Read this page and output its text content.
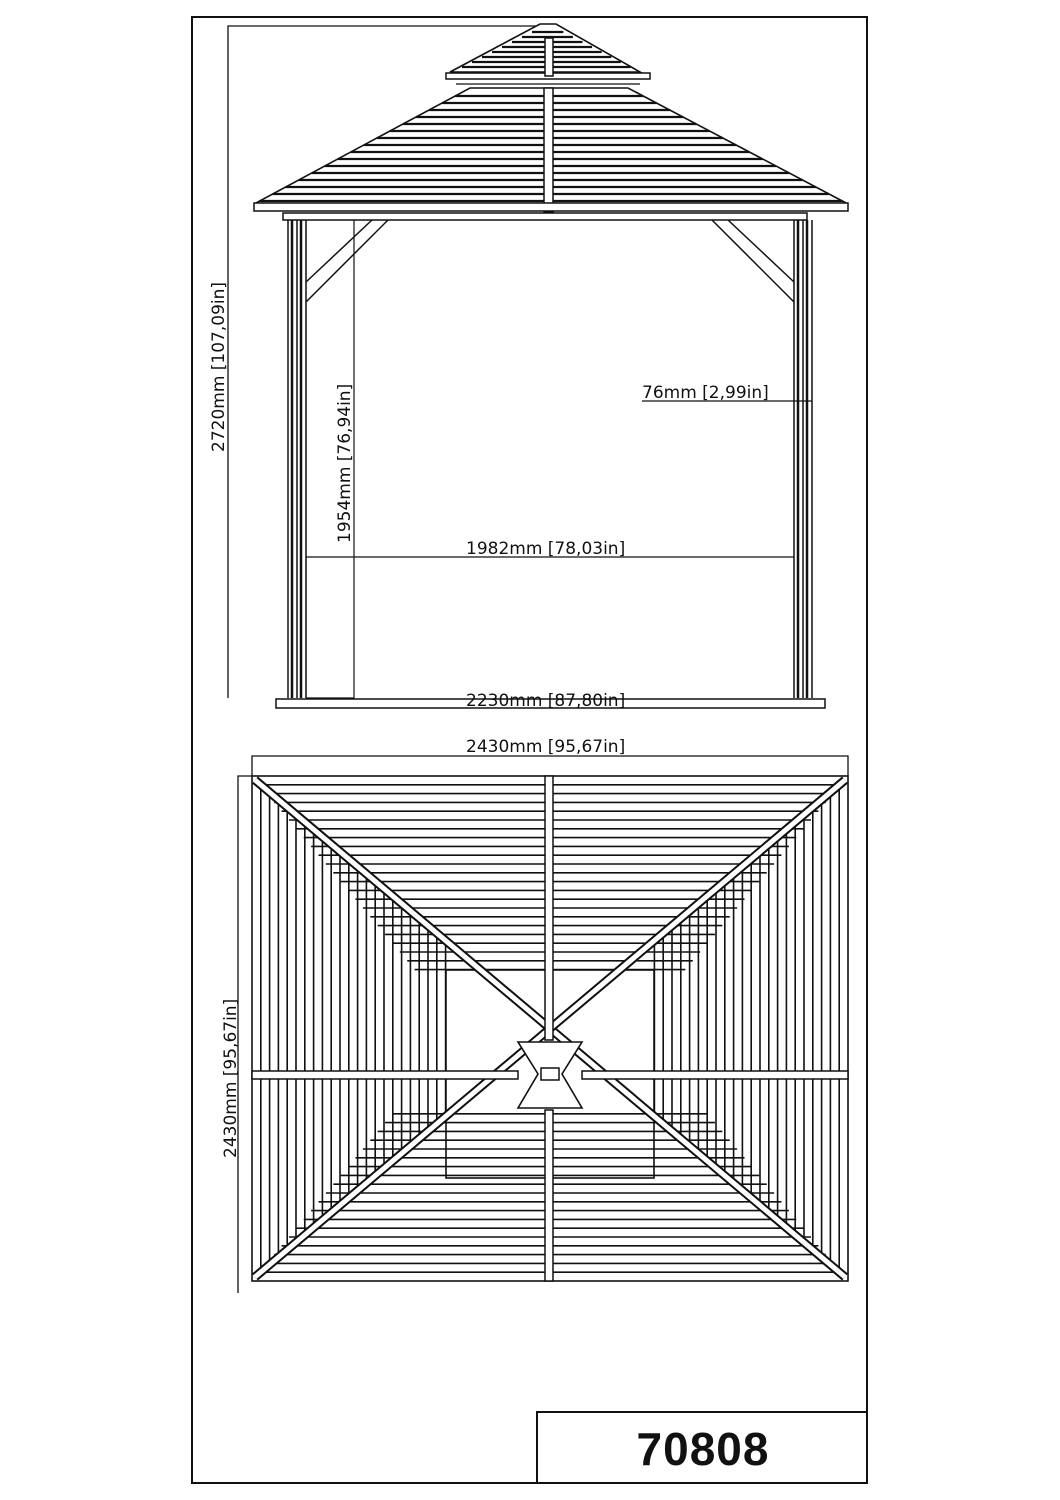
2720mm [107,09in]
1954mm [76,94in]	76mm [2,99in]
1982mm [78,03in]
2230mm [87,80in]
2430mm [95,67in]
2430mm [95,67in]
70808
